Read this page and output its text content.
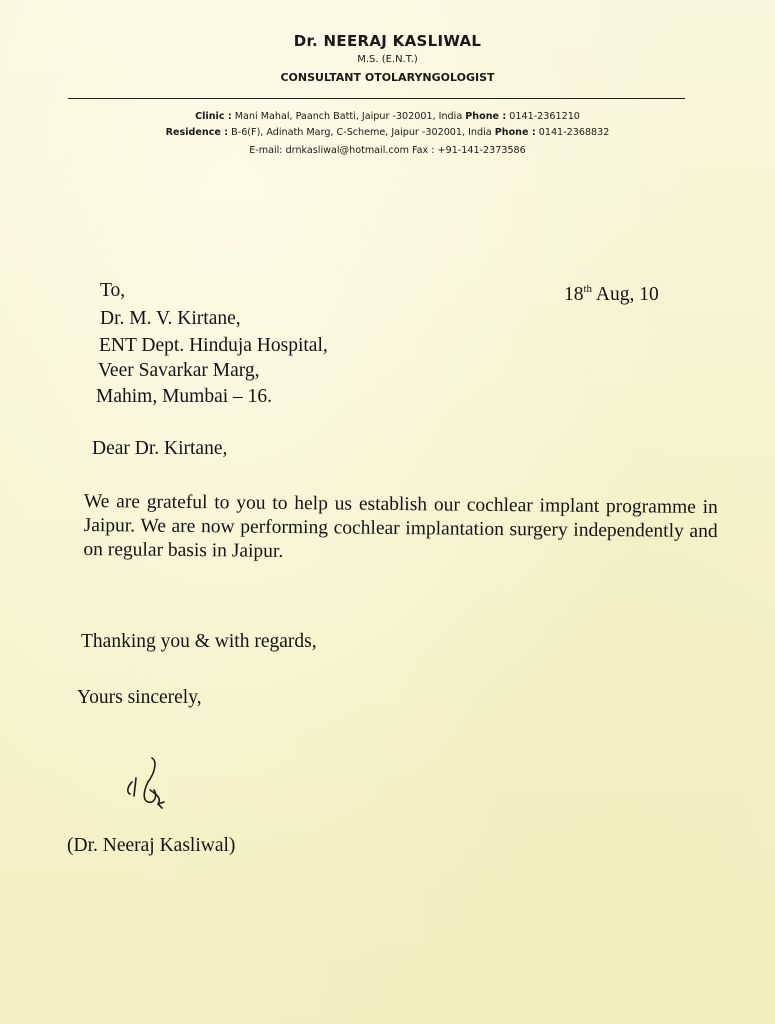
Dr. NEERAJ KASLIWAL
M.S. (E.N.T.)
CONSULTANT OTOLARYNGOLOGIST
Clinic : Mani Mahal, Paanch Batti, Jaipur -302001, India Phone : 0141-2361210
Residence : B-6(F), Adinath Marg, C-Scheme, Jaipur -302001, India Phone : 0141-2368832
E-mail: drnkasliwal@hotmail.com Fax : +91-141-2373586
18th Aug, 10
To,
Dr. M. V. Kirtane,
ENT Dept. Hinduja Hospital,
Veer Savarkar Marg,
Mahim, Mumbai – 16.
Dear Dr. Kirtane,
We are grateful to you to help us establish our cochlear implant programme in Jaipur. We are now performing cochlear implantation surgery independently and on regular basis in Jaipur.
Thanking you & with regards,
Yours sincerely,
(Dr. Neeraj Kasliwal)
